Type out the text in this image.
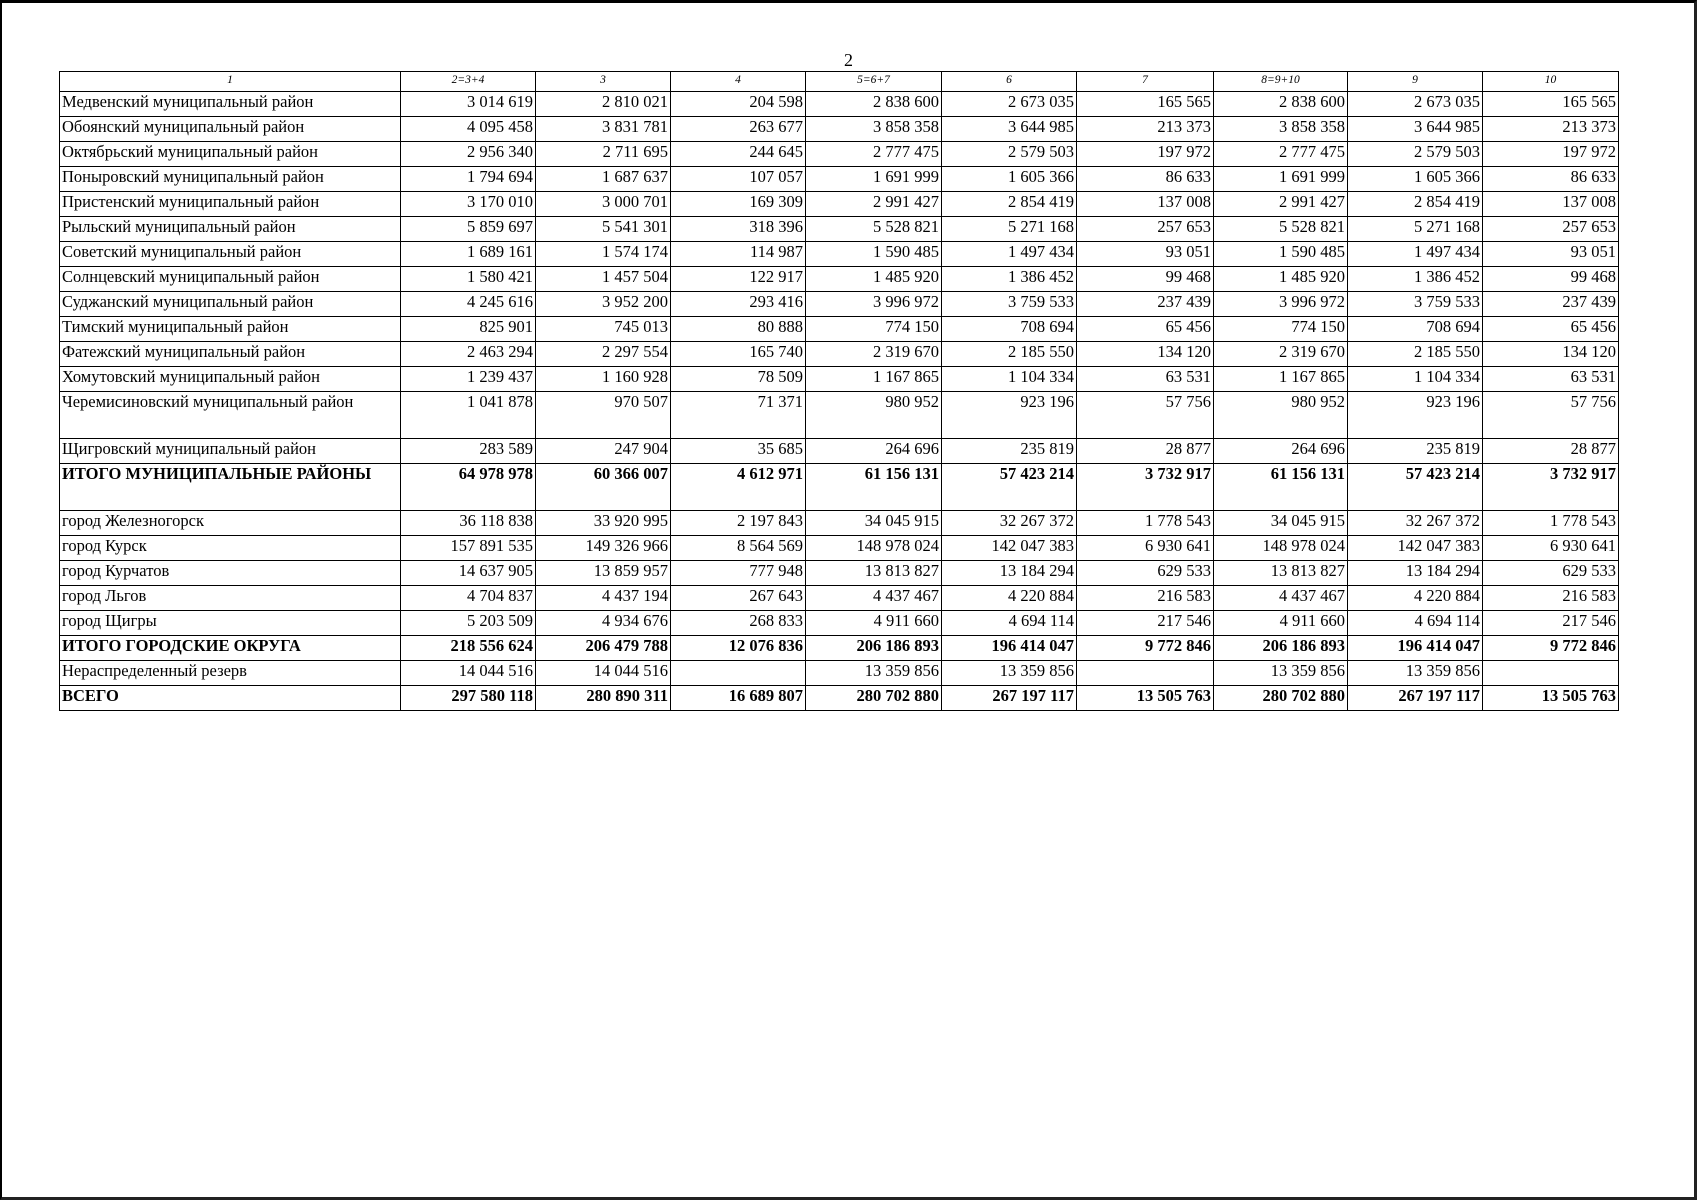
2
1	2=3+4	3	4	5=6+7	6	7	8=9+10	9	10
Медвенский муниципальный район	3 014 619	2 810 021	204 598	2 838 600	2 673 035	165 565	2 838 600	2 673 035	165 565
Обоянский муниципальный район	4 095 458	3 831 781	263 677	3 858 358	3 644 985	213 373	3 858 358	3 644 985	213 373
Октябрьский муниципальный район	2 956 340	2 711 695	244 645	2 777 475	2 579 503	197 972	2 777 475	2 579 503	197 972
Поныровский муниципальный район	1 794 694	1 687 637	107 057	1 691 999	1 605 366	86 633	1 691 999	1 605 366	86 633
Пристенский муниципальный район	3 170 010	3 000 701	169 309	2 991 427	2 854 419	137 008	2 991 427	2 854 419	137 008
Рыльский муниципальный район	5 859 697	5 541 301	318 396	5 528 821	5 271 168	257 653	5 528 821	5 271 168	257 653
Советский муниципальный район	1 689 161	1 574 174	114 987	1 590 485	1 497 434	93 051	1 590 485	1 497 434	93 051
Солнцевский муниципальный район	1 580 421	1 457 504	122 917	1 485 920	1 386 452	99 468	1 485 920	1 386 452	99 468
Суджанский муниципальный район	4 245 616	3 952 200	293 416	3 996 972	3 759 533	237 439	3 996 972	3 759 533	237 439
Тимский муниципальный район	825 901	745 013	80 888	774 150	708 694	65 456	774 150	708 694	65 456
Фатежский муниципальный район	2 463 294	2 297 554	165 740	2 319 670	2 185 550	134 120	2 319 670	2 185 550	134 120
Хомутовский муниципальный район	1 239 437	1 160 928	78 509	1 167 865	1 104 334	63 531	1 167 865	1 104 334	63 531
Черемисиновский муниципальный район	1 041 878	970 507	71 371	980 952	923 196	57 756	980 952	923 196	57 756
Щигровский муниципальный район	283 589	247 904	35 685	264 696	235 819	28 877	264 696	235 819	28 877
ИТОГО МУНИЦИПАЛЬНЫЕ РАЙОНЫ	64 978 978	60 366 007	4 612 971	61 156 131	57 423 214	3 732 917	61 156 131	57 423 214	3 732 917
город Железногорск	36 118 838	33 920 995	2 197 843	34 045 915	32 267 372	1 778 543	34 045 915	32 267 372	1 778 543
город Курск	157 891 535	149 326 966	8 564 569	148 978 024	142 047 383	6 930 641	148 978 024	142 047 383	6 930 641
город Курчатов	14 637 905	13 859 957	777 948	13 813 827	13 184 294	629 533	13 813 827	13 184 294	629 533
город Льгов	4 704 837	4 437 194	267 643	4 437 467	4 220 884	216 583	4 437 467	4 220 884	216 583
город Щигры	5 203 509	4 934 676	268 833	4 911 660	4 694 114	217 546	4 911 660	4 694 114	217 546
ИТОГО ГОРОДСКИЕ ОКРУГА	218 556 624	206 479 788	12 076 836	206 186 893	196 414 047	9 772 846	206 186 893	196 414 047	9 772 846
Нераспределенный резерв	14 044 516	14 044 516		13 359 856	13 359 856		13 359 856	13 359 856	
ВСЕГО	297 580 118	280 890 311	16 689 807	280 702 880	267 197 117	13 505 763	280 702 880	267 197 117	13 505 763
